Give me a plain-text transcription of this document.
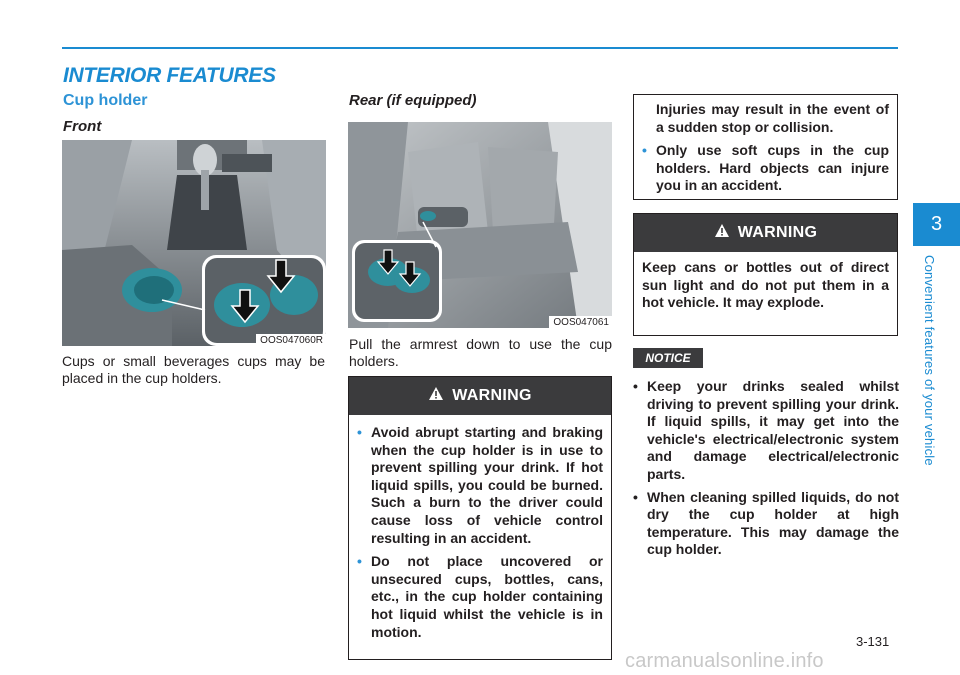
INTERIOR FEATURES
Cup holder
Front
OOS047060R
Cups or small beverages cups may be placed in the cup holders.
Rear (if equipped)
OOS047061
Pull the armrest down to use the cup holders.
WARNING
• Avoid abrupt starting and braking when the cup holder is in use to prevent spilling your drink. If hot liquid spills, you could be burned. Such a burn to the driver could cause loss of vehicle control resulting in an accident.
• Do not place uncovered or unsecured cups, bottles, cans, etc., in the cup holder containing hot liquid whilst the vehicle is in motion.

Injuries may result in the event of a sudden stop or collision.

• Only use soft cups in the cup holders. Hard objects can injure you in an accident.
WARNING

Keep cans or bottles out of direct sun light and do not put them in a hot vehicle. It may explode.

NOTICE
• Keep your drinks sealed whilst driving to prevent spilling your drink. If liquid spills, it may get into the vehicle's electrical/electronic system and damage electrical/electronic parts.
• When cleaning spilled liquids, do not dry the cup holder at high temperature. This may damage the cup holder.
3
Convenient features of your vehicle
3-131
carmanualsonline.info
